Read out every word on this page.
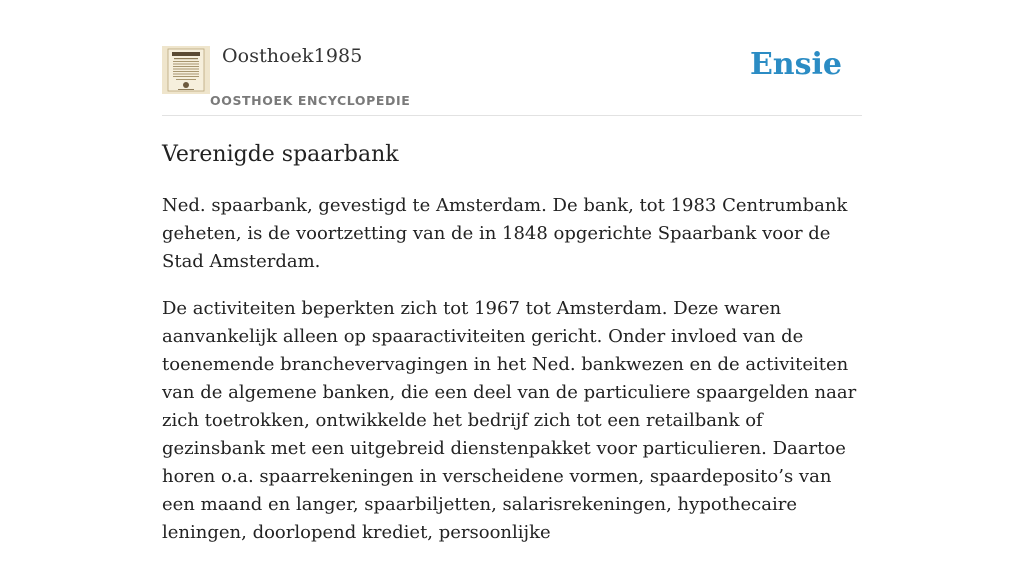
Oosthoek1985
OOSTHOEK ENCYCLOPEDIE
Ensie
Verenigde spaarbank

Ned. spaarbank, gevestigd te Amsterdam. De bank, tot 1983 Centrumbank geheten, is de voortzetting van de in 1848 opgerichte Spaarbank voor de Stad Amsterdam.

De activiteiten beperkten zich tot 1967 tot Amsterdam. Deze waren aanvankelijk alleen op spaaractiviteiten gericht. Onder invloed van de toenemende branchevervagingen in het Ned. bankwezen en de activiteiten van de algemene banken, die een deel van de particuliere spaargelden naar zich toetrokken, ontwikkelde het bedrijf zich tot een retailbank of gezinsbank met een uitgebreid dienstenpakket voor particulieren. Daartoe horen o.a. spaarrekeningen in verscheidene vormen, spaardeposito’s van een maand en langer, spaarbiljetten, salarisrekeningen, hypothecaire leningen, doorlopend krediet, persoonlijke
